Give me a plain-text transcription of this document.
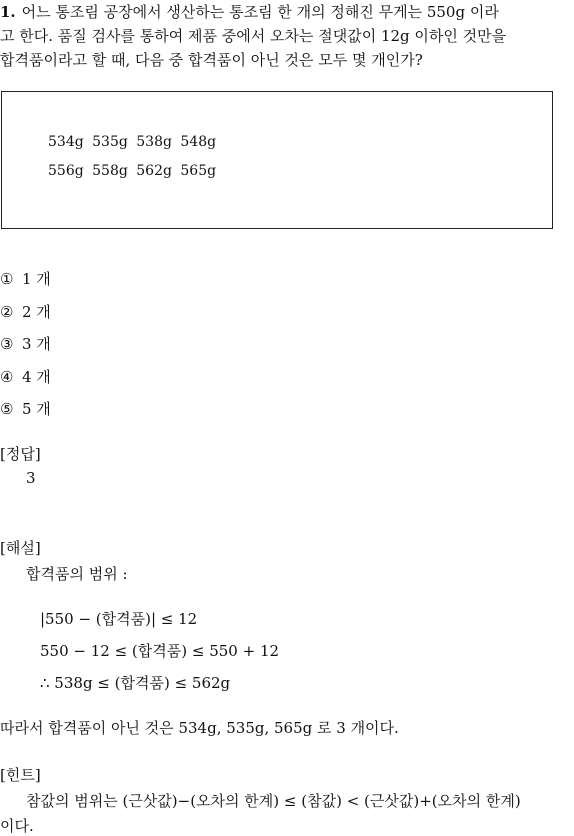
1. 어느 통조림 공장에서 생산하는 통조림 한 개의 정해진 무게는 550g 이라
고 한다. 품질 검사를 통하여 제품 중에서 오차는 절댓값이 12g 이하인 것만을
합격품이라고 할 때, 다음 중 합격품이 아닌 것은 모두 몇 개인가?
534g 535g 538g 548g
556g 558g 562g 565g
① 1 개
② 2 개
③ 3 개
④ 4 개
⑤ 5 개
[정답]
3
[해설]
합격품의 범위 :
|550 − (합격품)| ≤ 12
550 − 12 ≤ (합격품) ≤ 550 + 12
∴ 538g ≤ (합격품) ≤ 562g
따라서 합격품이 아닌 것은 534g, 535g, 565g 로 3 개이다.
[힌트]
참값의 범위는 (근삿값)−(오차의 한계) ≤ (참값) < (근삿값)+(오차의 한계)
이다.
